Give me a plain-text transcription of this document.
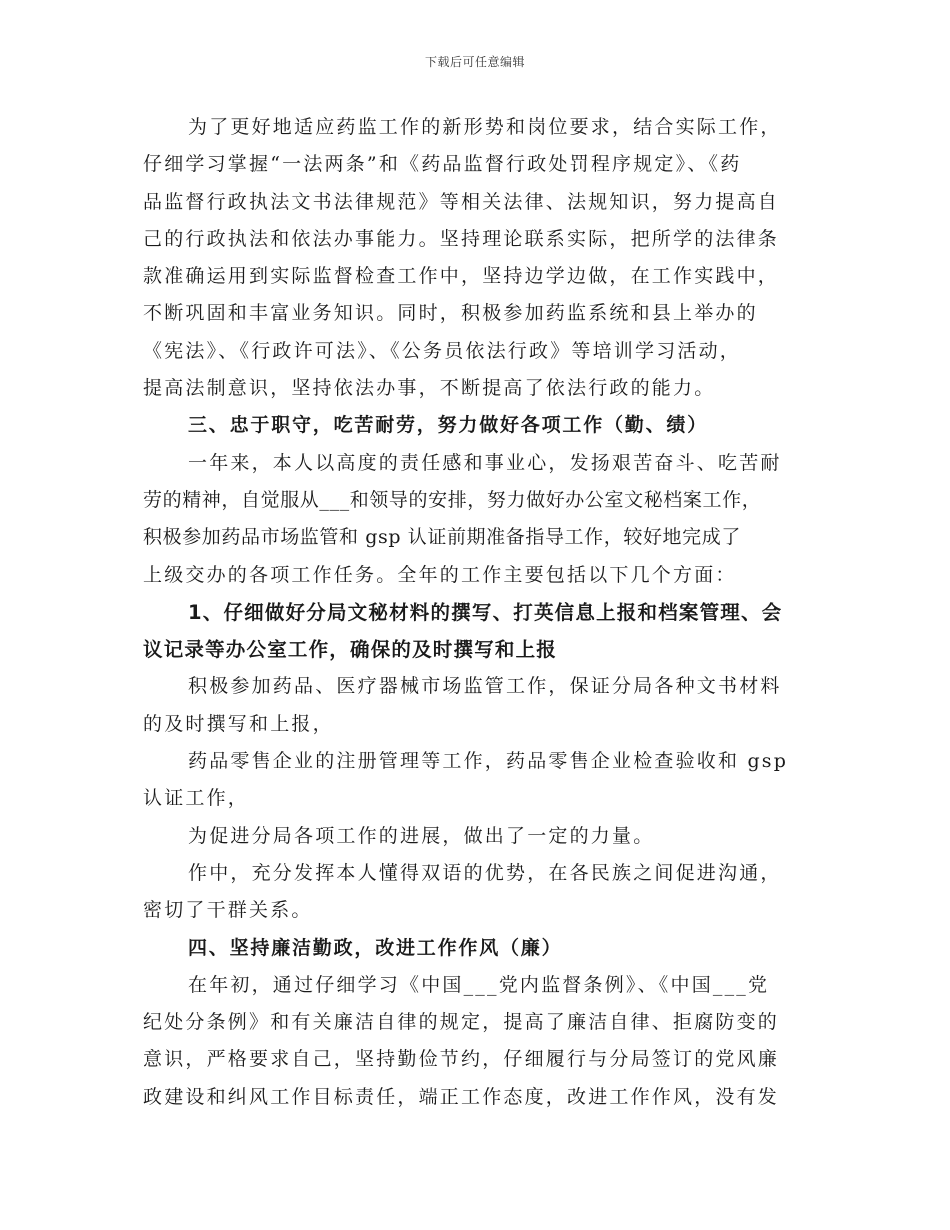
下载后可任意编辑
为了更好地适应药监工作的新形势和岗位要求，结合实际工作，
仔细学习掌握“一法两条”和《药品监督行政处罚程序规定》、《药
品监督行政执法文书法律规范》等相关法律、法规知识，努力提高自
己的行政执法和依法办事能力。坚持理论联系实际，把所学的法律条
款准确运用到实际监督检查工作中，坚持边学边做，在工作实践中，
不断巩固和丰富业务知识。同时，积极参加药监系统和县上举办的
《宪法》、《行政许可法》、《公务员依法行政》等培训学习活动，
提高法制意识，坚持依法办事，不断提高了依法行政的能力。
三、忠于职守，吃苦耐劳，努力做好各项工作（勤、绩）
一年来，本人以高度的责任感和事业心，发扬艰苦奋斗、吃苦耐
劳的精神，自觉服从___和领导的安排，努力做好办公室文秘档案工作，
积极参加药品市场监管和 gsp 认证前期准备指导工作，较好地完成了
上级交办的各项工作任务。全年的工作主要包括以下几个方面：
1、仔细做好分局文秘材料的撰写、打英信息上报和档案管理、会
议记录等办公室工作，确保的及时撰写和上报
积极参加药品、医疗器械市场监管工作，保证分局各种文书材料
的及时撰写和上报，
药品零售企业的注册管理等工作，药品零售企业检查验收和 gsp
认证工作，
为促进分局各项工作的进展，做出了一定的力量。
作中，充分发挥本人懂得双语的优势，在各民族之间促进沟通，
密切了干群关系。
四、坚持廉洁勤政，改进工作作风（廉）
在年初，通过仔细学习《中国___党内监督条例》、《中国___党
纪处分条例》和有关廉洁自律的规定，提高了廉洁自律、拒腐防变的
意识，严格要求自己，坚持勤俭节约，仔细履行与分局签订的党风廉
政建设和纠风工作目标责任，端正工作态度，改进工作作风，没有发
